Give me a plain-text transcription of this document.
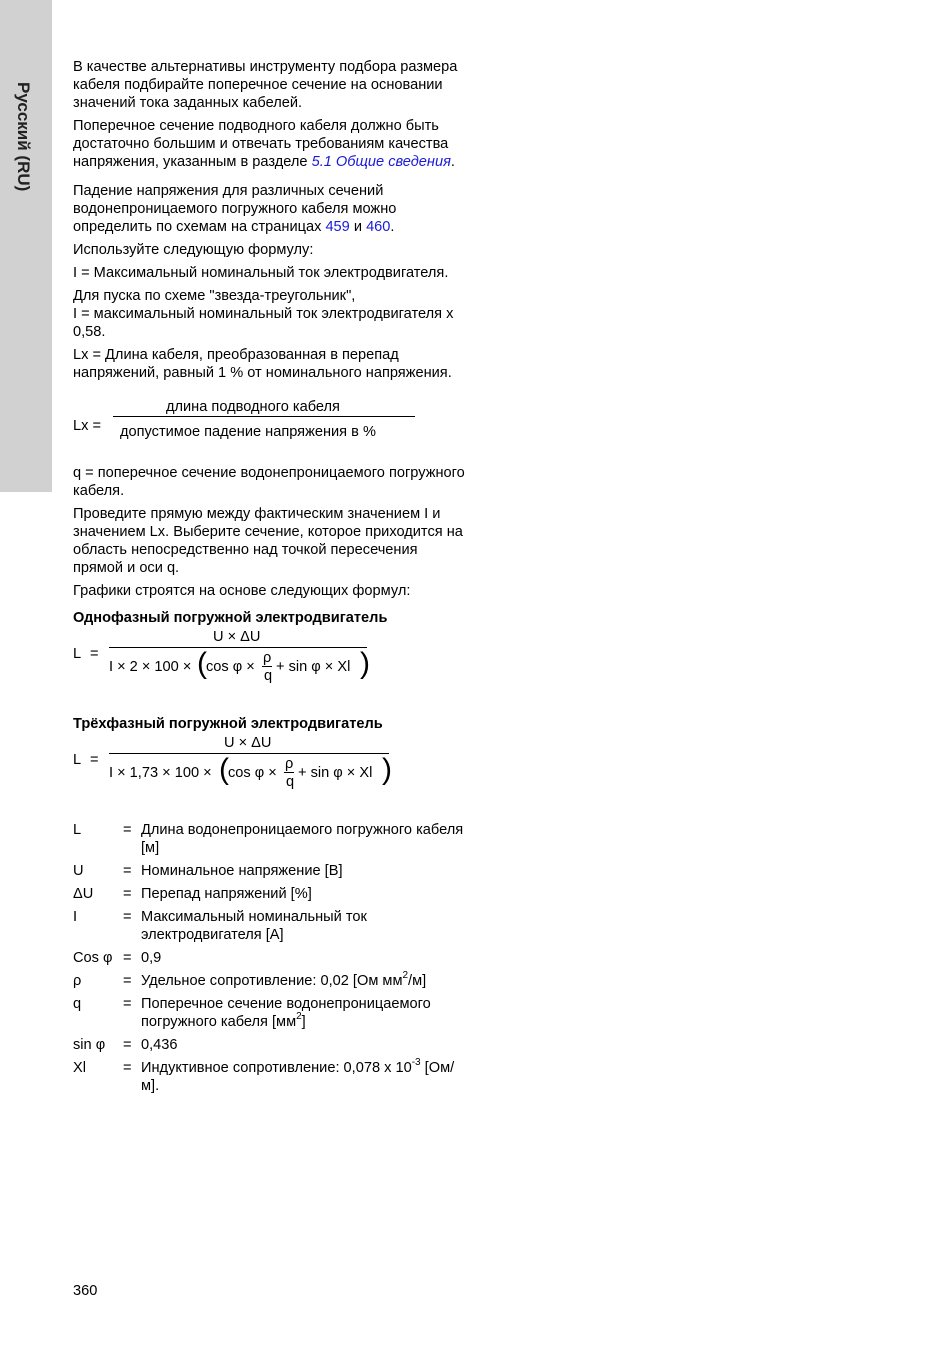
Русский (RU)

В качестве альтернативы инструменту подбора размера кабеля подбирайте поперечное сечение на основании значений тока заданных кабелей.

Поперечное сечение подводного кабеля должно быть достаточно большим и отвечать требованиям качества напряжения, указанным в разделе 5.1 Общие сведения.

Падение напряжения для различных сечений водонепроницаемого погружного кабеля можно определить по схемам на страницах 459 и 460.

Используйте следующую формулу:

I = Максимальный номинальный ток электродвигателя.

Для пуска по схеме "звезда-треугольник",
I = максимальный номинальный ток электродвигателя x 0,58.

Lx = Длина кабеля, преобразованная в перепад напряжений, равный 1 % от номинального напряжения.

Lx =
длина подводного кабеля
допустимое падение напряжения в %

q = поперечное сечение водонепроницаемого погружного кабеля.

Проведите прямую между фактическим значением I и значением Lx. Выберите сечение, которое приходится на область непосредственно над точкой пересечения прямой и оси q.

Графики строятся на основе следующих формул:

Однофазный погружной электродвигатель
L =
U × ΔU
I × 2 × 100 × ( cos φ ×
ρ
q
+ sin φ × Xl )
Трёхфазный погружной электродвигатель
L =
U × ΔU
I × 1,73 × 100 × ( cos φ ×
ρ
q
+ sin φ × Xl )
L	= Длина водонепроницаемого погружного кабеля [м]
U	= Номинальное напряжение [В]
ΔU	= Перепад напряжений [%]
I	= Максимальный номинальный ток электродвигателя [A]
Cos φ = 0,9
ρ	= Удельное сопротивление: 0,02 [Ом $мм^2/м$]
q	= Поперечное сечение водонепроницаемого погружного кабеля $[мм^2]$
sin φ	= 0,436
Xl	= Индуктивное сопротивление: 0,078 x $10^{-3}$ [Ом/м].
360
